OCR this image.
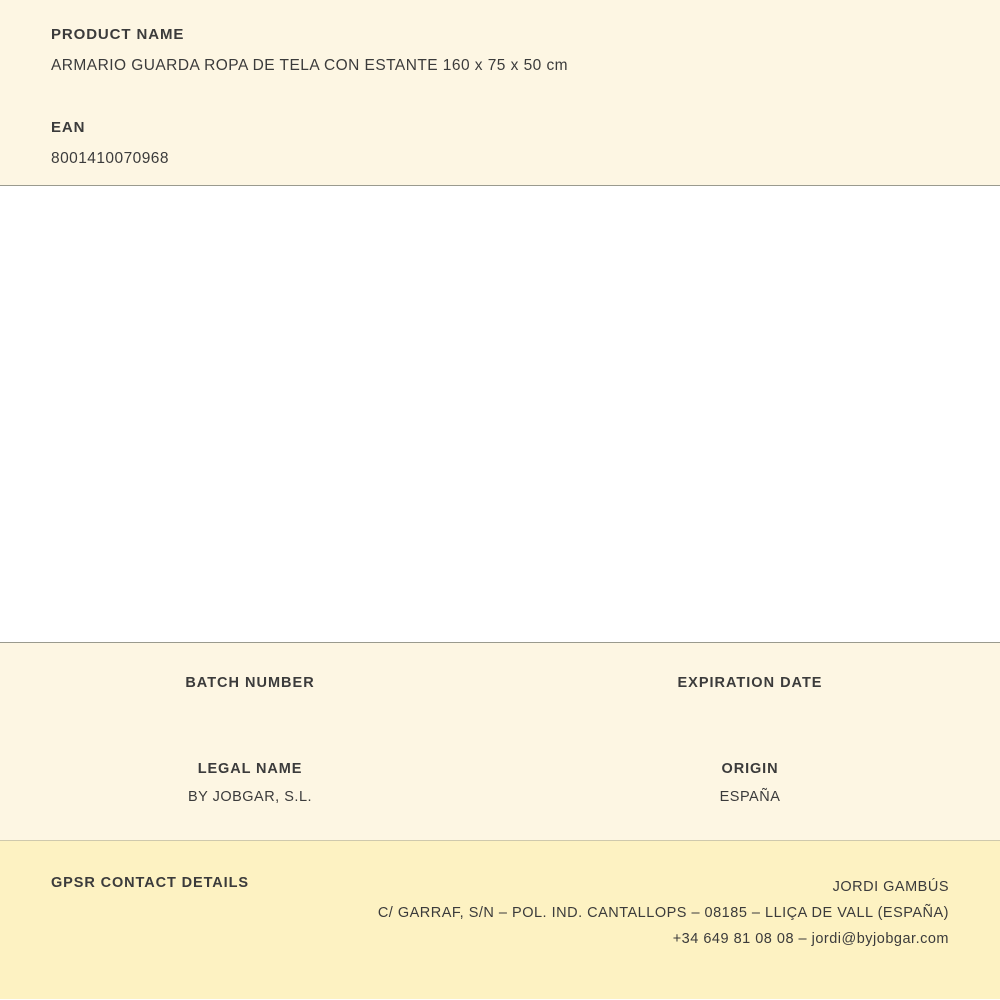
PRODUCT NAME
ARMARIO GUARDA ROPA DE TELA CON ESTANTE 160 x 75 x 50 cm
EAN
8001410070968
BATCH NUMBER	EXPIRATION DATE
LEGAL NAME
BY JOBGAR, S.L.
ORIGIN
ESPAÑA
GPSR CONTACT DETAILS	JORDI GAMBÚS
C/ GARRAF, S/N – POL. IND. CANTALLOPS – 08185 – LLIÇA DE VALL (ESPAÑA)
+34 649 81 08 08 – jordi@byjobgar.com
